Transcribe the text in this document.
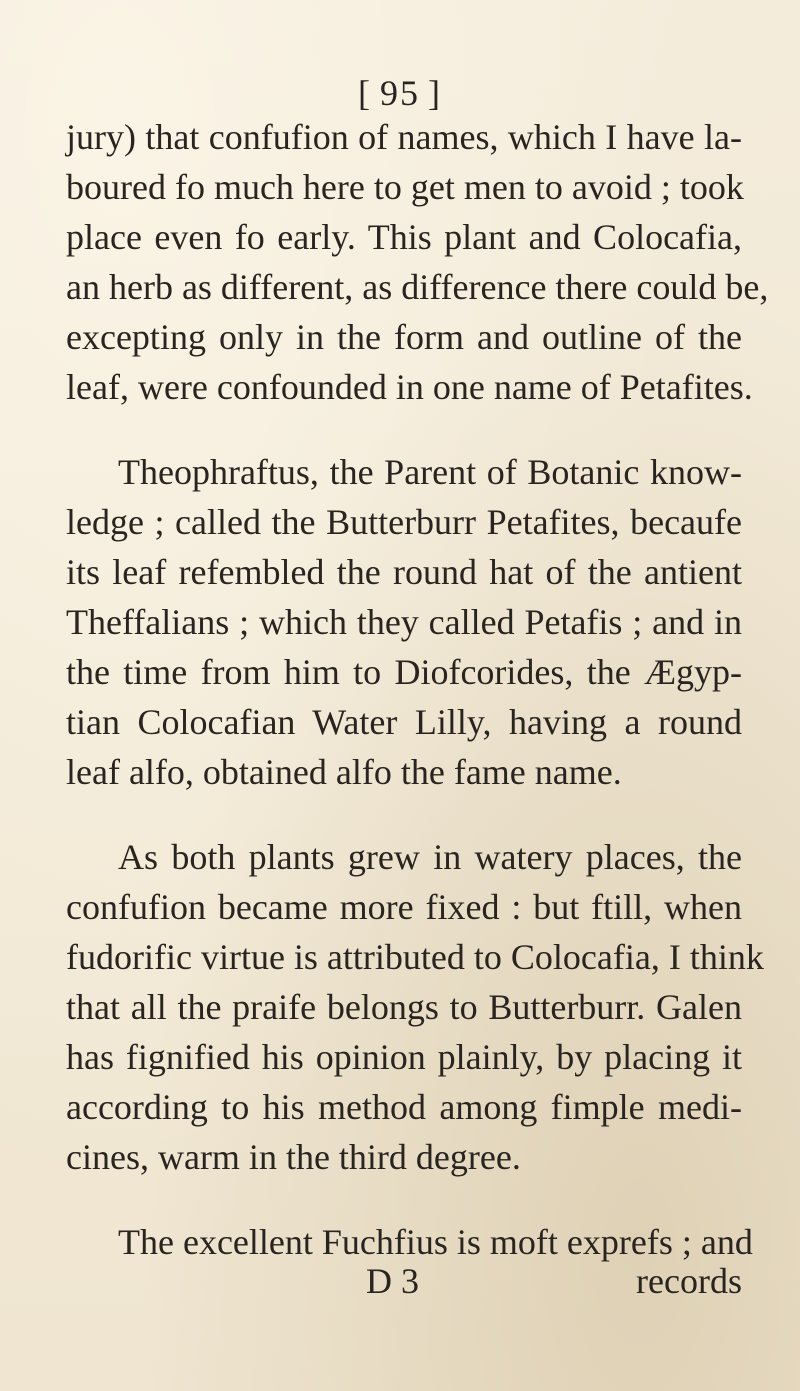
[ 95 ]
jury) that confufion of names, which I have la-
boured fo much here to get men to avoid ; took
place even fo early. This plant and Colocafia,
an herb as different, as difference there could be,
excepting only in the form and outline of the
leaf, were confounded in one name of Petafites.
Theophraftus, the Parent of Botanic know-
ledge ; called the Butterburr Petafites, becaufe
its leaf refembled the round hat of the antient
Theffalians ; which they called Petafis ; and in
the time from him to Diofcorides, the Ægyp-
tian Colocafian Water Lilly, having a round
leaf alfo, obtained alfo the fame name.
As both plants grew in watery places, the
confufion became more fixed : but ftill, when
fudorific virtue is attributed to Colocafia, I think
that all the praife belongs to Butterburr. Galen
has fignified his opinion plainly, by placing it
according to his method among fimple medi-
cines, warm in the third degree.
The excellent Fuchfius is moft exprefs ; and
D 3	records
